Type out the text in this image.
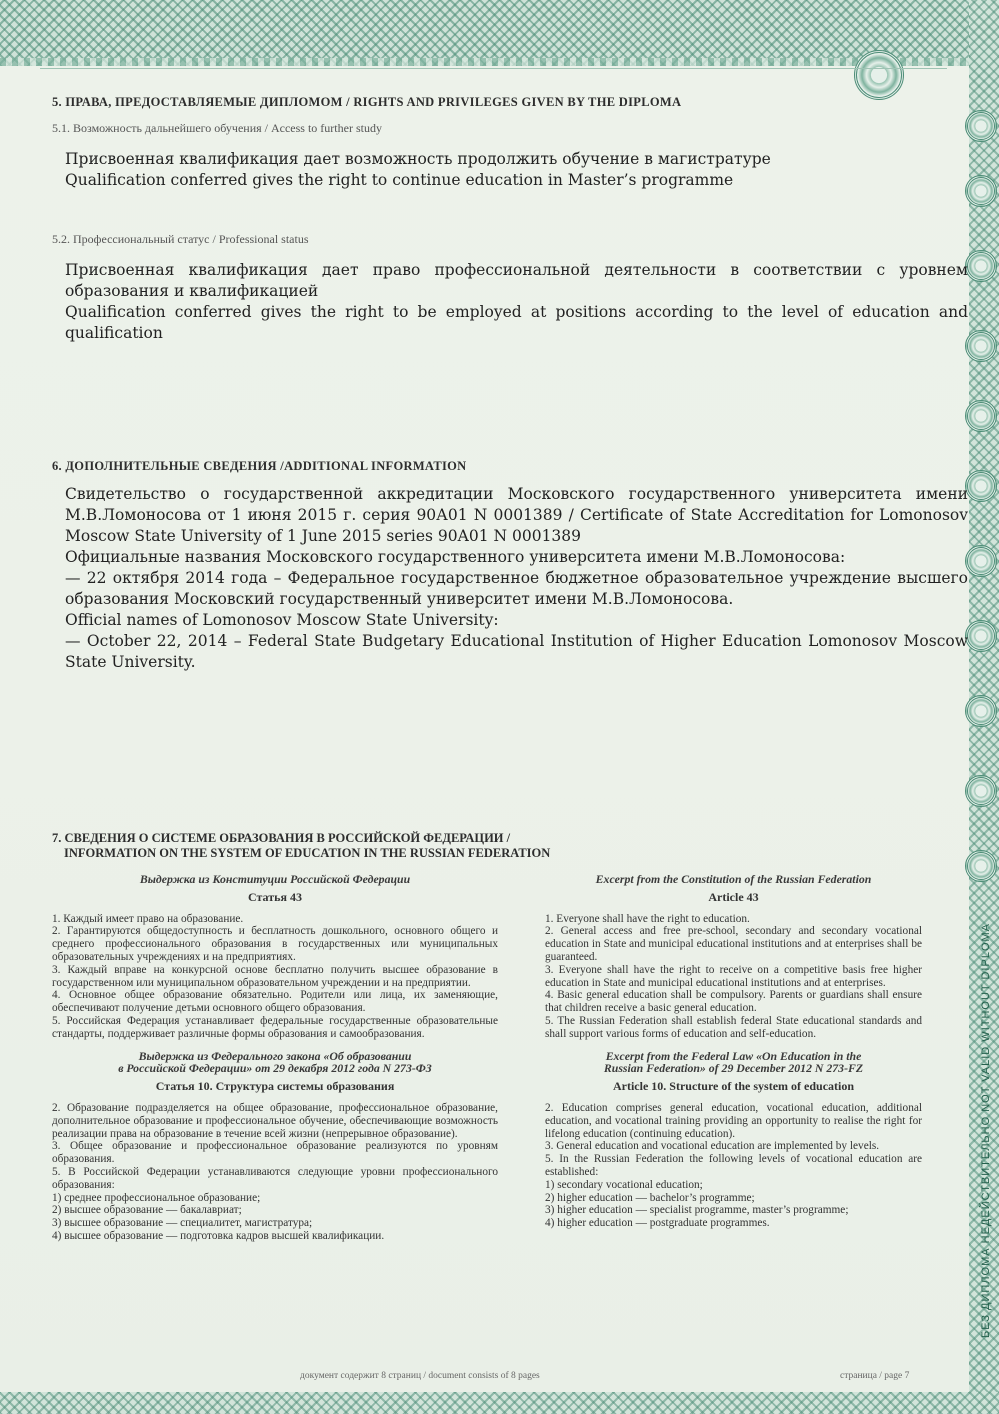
БЕЗ ДИПЛОМА НЕДЕЙСТВИТЕЛЬНО NOT VALID WITHOUT DIPLOMA
5. ПРАВА, ПРЕДОСТАВЛЯЕМЫЕ ДИПЛОМОМ / RIGHTS AND PRIVILEGES GIVEN BY THE DIPLOMA
5.1. Возможность дальнейшего обучения / Access to further study

Присвоенная квалификация дает возможность продолжить обучение в магистратуре

Qualification conferred gives the right to continue education in Master’s programme

5.2. Профессиональный статус / Professional status

Присвоенная квалификация дает право профессиональной деятельности в соответствии с уровнем образования и квалификацией

Qualification conferred gives the right to be employed at positions according to the level of education and qualification

6. ДОПОЛНИТЕЛЬНЫЕ СВЕДЕНИЯ /ADDITIONAL INFORMATION

Свидетельство о государственной аккредитации Московского государственного университета имени М.В.Ломоносова от 1 июня 2015 г. серия 90А01 N 0001389 / Certificate of State Accreditation for Lomonosov Moscow State University of 1 June 2015 series 90A01 N 0001389

Официальные названия Московского государственного университета имени М.В.Ломоносова:

— 22 октября 2014 года – Федеральное государственное бюджетное образовательное учреждение высшего образования Московский государственный университет имени М.В.Ломоносова.

Official names of Lomonosov Moscow State University:

— October 22, 2014 – Federal State Budgetary Educational Institution of Higher Education Lomonosov Moscow State University.

7. СВЕДЕНИЯ О СИСТЕМЕ ОБРАЗОВАНИЯ В РОССИЙСКОЙ ФЕДЕРАЦИИ /
INFORMATION ON THE SYSTEM OF EDUCATION IN THE RUSSIAN FEDERATION
Выдержка из Конституции Российской Федерации
Статья 43

1. Каждый имеет право на образование.

2. Гарантируются общедоступность и бесплатность дошкольного, основного общего и среднего профессионального образования в государственных или муниципальных образовательных учреждениях и на предприятиях.

3. Каждый вправе на конкурсной основе бесплатно получить высшее образование в государственном или муниципальном образовательном учреждении и на предприятии.

4. Основное общее образование обязательно. Родители или лица, их заменяющие, обеспечивают получение детьми основного общего образования.

5. Российская Федерация устанавливает федеральные государственные образовательные стандарты, поддерживает различные формы образования и самообразования.

Выдержка из Федерального закона «Об образовании
в Российской Федерации» от 29 декабря 2012 года N 273-ФЗ
Статья 10. Структура системы образования

2. Образование подразделяется на общее образование, профессиональное образование, дополнительное образование и профессиональное обучение, обеспечивающие возможность реализации права на образование в течение всей жизни (непрерывное образование).

3. Общее образование и профессиональное образование реализуются по уровням образования.

5. В Российской Федерации устанавливаются следующие уровни профессионального образования:

1) среднее профессиональное образование;

2) высшее образование — бакалавриат;

3) высшее образование — специалитет, магистратура;

4) высшее образование — подготовка кадров высшей квалификации.

Excerpt from the Constitution of the Russian Federation
Article 43

1. Everyone shall have the right to education.

2. General access and free pre-school, secondary and secondary vocational education in State and municipal educational institutions and at enterprises shall be guaranteed.

3. Everyone shall have the right to receive on a competitive basis free higher education in State and municipal educational institutions and at enterprises.

4. Basic general education shall be compulsory. Parents or guardians shall ensure that children receive a basic general education.

5. The Russian Federation shall establish federal State educational standards and shall support various forms of education and self-education.

Excerpt from the Federal Law «On Education in the
Russian Federation» of 29 December 2012 N 273-FZ
Article 10. Structure of the system of education

2. Education comprises general education, vocational education, additional education, and vocational training providing an opportunity to realise the right for lifelong education (continuing education).

3. General education and vocational education are implemented by levels.

5. In the Russian Federation the following levels of vocational education are established:

1) secondary vocational education;

2) higher education — bachelor’s programme;

3) higher education — specialist programme, master’s programme;

4) higher education — postgraduate programmes.

документ содержит 8 страниц / document consists of 8 pages	страница / page 7
